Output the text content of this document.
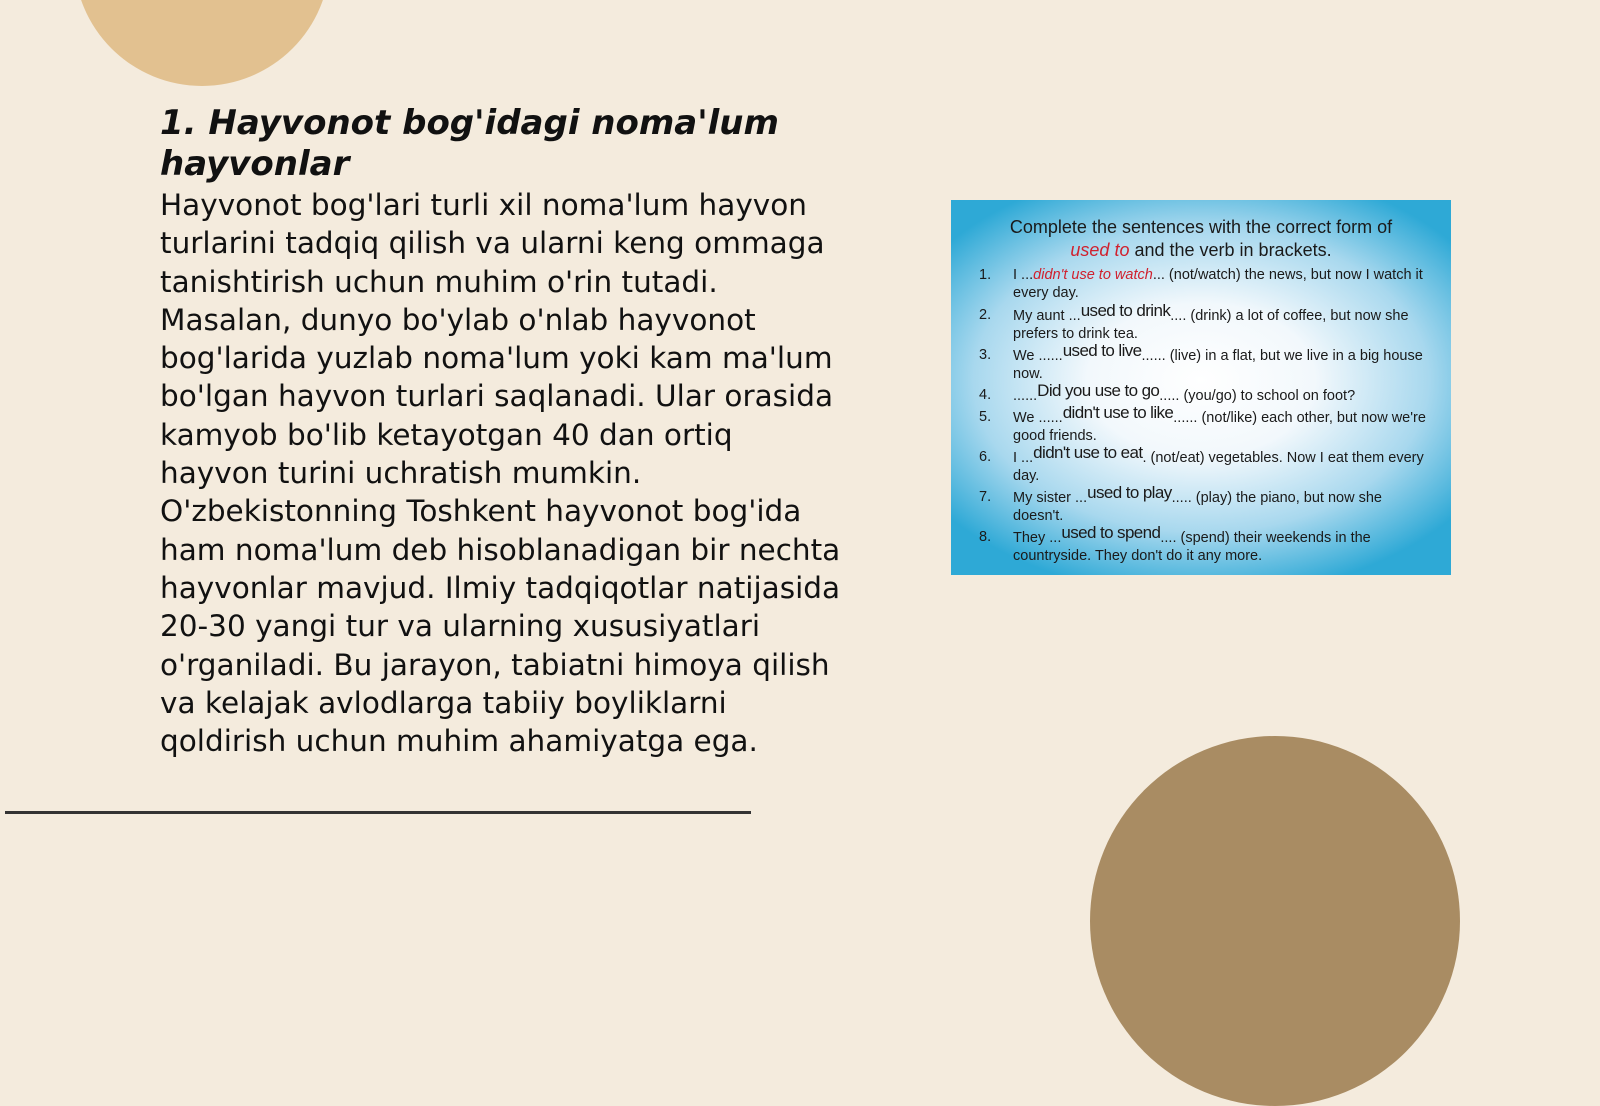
1. Hayvonot bog'idagi noma'lum hayvonlar
Hayvonot bog'lari turli xil noma'lum hayvon turlarini tadqiq qilish va ularni keng ommaga tanishtirish uchun muhim o'rin tutadi. Masalan, dunyo bo'ylab o'nlab hayvonot bog'larida yuzlab noma'lum yoki kam ma'lum bo'lgan hayvon turlari saqlanadi. Ular orasida kamyob bo'lib ketayotgan 40 dan ortiq hayvon turini uchratish mumkin. O'zbekistonning Toshkent hayvonot bog'ida ham noma'lum deb hisoblanadigan bir nechta hayvonlar mavjud. Ilmiy tadqiqotlar natijasida 20-30 yangi tur va ularning xususiyatlari o'rganiladi. Bu jarayon, tabiatni himoya qilish va kelajak avlodlarga tabiiy boyliklarni qoldirish uchun muhim ahamiyatga ega.
Complete the sentences with the correct form of
used to and the verb in brackets.
1.	I ...didn't use to watch... (not/watch) the news, but now I watch it every day.
2.	My aunt ...used to drink.... (drink) a lot of coffee, but now she prefers to drink tea.
3.	We ......used to live...... (live) in a flat, but we live in a big house now.
4.	......Did you use to go..... (you/go) to school on foot?
5.	We ......didn't use to like...... (not/like) each other, but now we're good friends.
6.	I ...didn't use to eat. (not/eat) vegetables. Now I eat them every day.
7.	My sister ...used to play..... (play) the piano, but now she doesn't.
8.	They ...used to spend.... (spend) their weekends in the countryside. They don't do it any more.
